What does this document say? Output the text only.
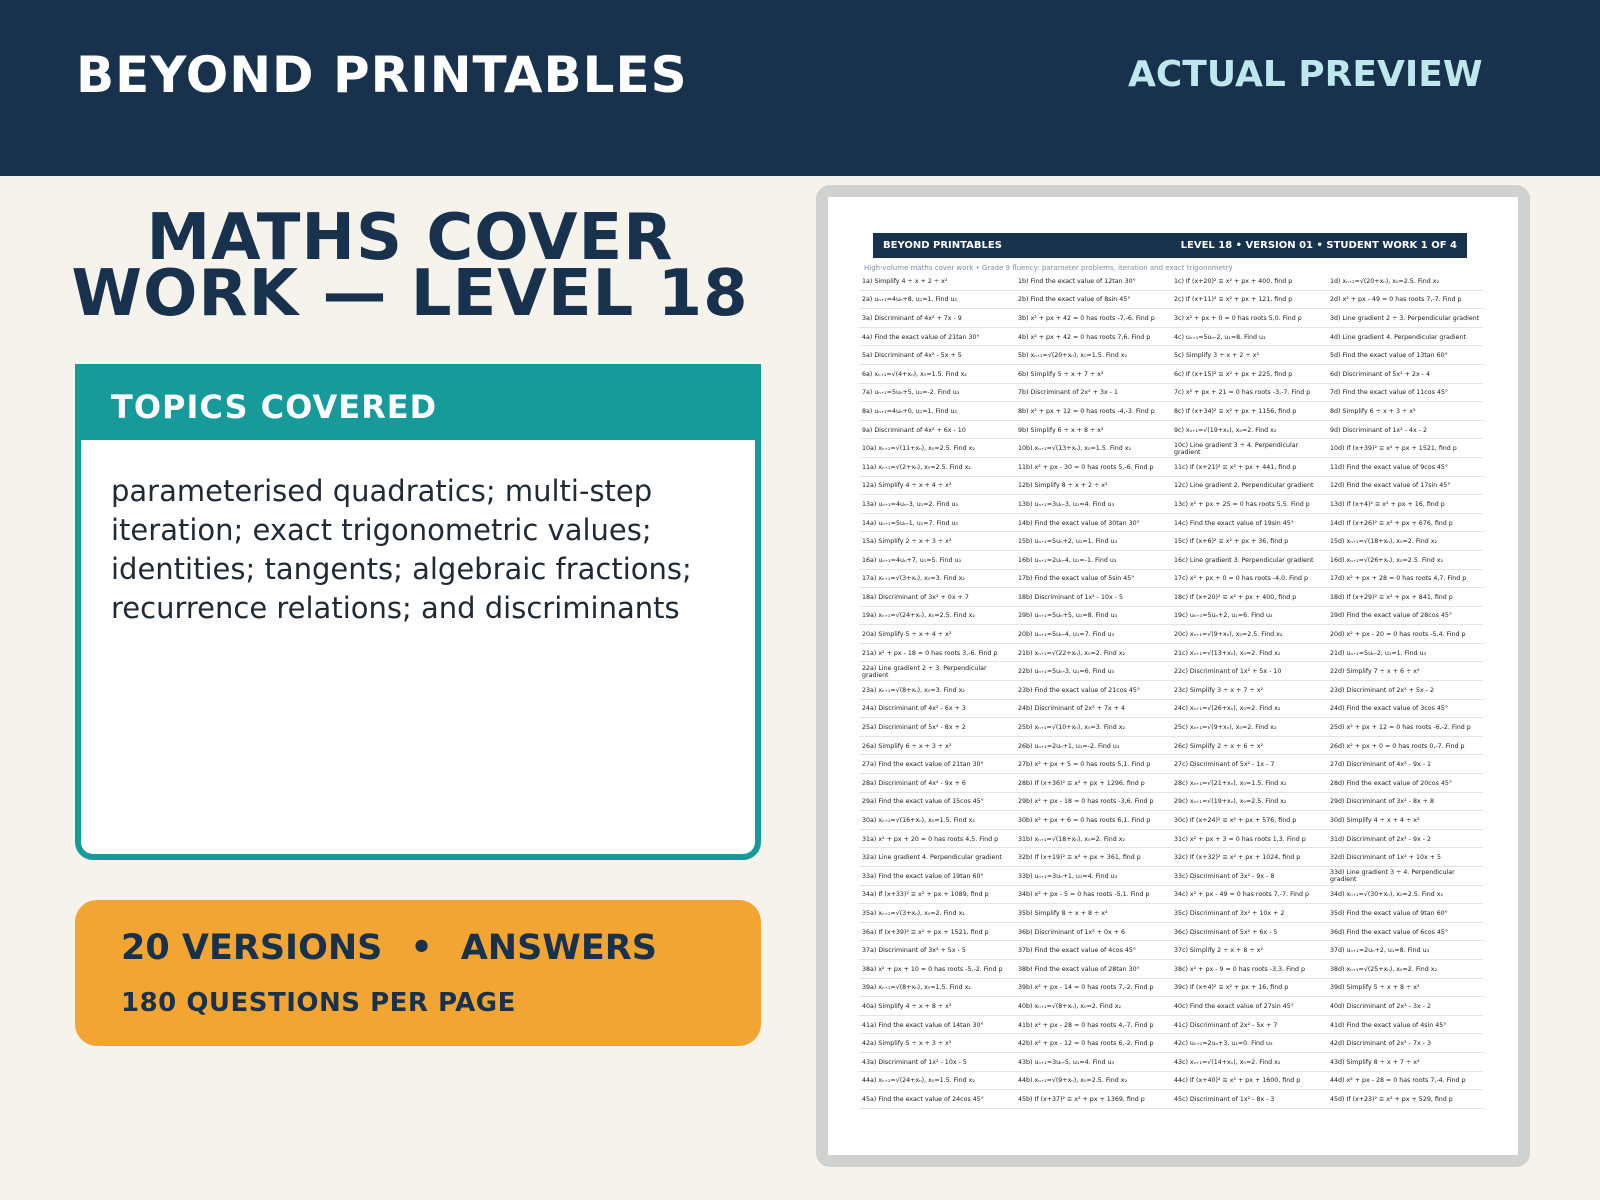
BEYOND PRINTABLES	ACTUAL PREVIEW
MATHS COVER
WORK — LEVEL 18
TOPICS COVERED
parameterised quadratics; multi-step iteration; exact trigonometric values; identities; tangents; algebraic fractions; recurrence relations; and discriminants
20 VERSIONS • ANSWERS
180 QUESTIONS PER PAGE
BEYOND PRINTABLES	LEVEL 18 • VERSION 01 • STUDENT WORK 1 OF 4
High-volume maths cover work • Grade 9 fluency: parameter problems, iteration and exact trigonometry
1a) Simplify 4 ÷ x + 2 ÷ x²	1b) Find the exact value of 12tan 30°	1c) If (x+20)² ≡ x² + px + 400, find p	1d) xₙ₊₁=√(20+xₙ), x₀=2.5. Find x₂
2a) uₙ₊₁=4uₙ+8, u₁=1. Find u₃	2b) Find the exact value of 8sin 45°	2c) If (x+11)² ≡ x² + px + 121, find p	2d) x² + px - 49 = 0 has roots 7,-7. Find p
3a) Discriminant of 4x² + 7x - 9	3b) x² + px + 42 = 0 has roots -7,-6. Find p	3c) x² + px + 0 = 0 has roots 5,0. Find p	3d) Line gradient 2 ÷ 3. Perpendicular gradient
4a) Find the exact value of 21tan 30°	4b) x² + px + 42 = 0 has roots 7,6. Find p	4c) uₙ₊₁=5uₙ-2, u₁=8. Find u₃	4d) Line gradient 4. Perpendicular gradient
5a) Discriminant of 4x² - 5x + 5	5b) xₙ₊₁=√(20+xₙ), x₀=1.5. Find x₂	5c) Simplify 3 ÷ x + 2 ÷ x²	5d) Find the exact value of 13tan 60°
6a) xₙ₊₁=√(4+xₙ), x₀=1.5. Find x₂	6b) Simplify 5 ÷ x + 7 ÷ x²	6c) If (x+15)² ≡ x² + px + 225, find p	6d) Discriminant of 5x² + 2x - 4
7a) uₙ₊₁=5uₙ+5, u₁=-2. Find u₃	7b) Discriminant of 2x² + 3x - 1	7c) x² + px + 21 = 0 has roots -3,-7. Find p	7d) Find the exact value of 11cos 45°
8a) uₙ₊₁=4uₙ+0, u₁=1. Find u₃	8b) x² + px + 12 = 0 has roots -4,-3. Find p	8c) If (x+34)² ≡ x² + px + 1156, find p	8d) Simplify 6 ÷ x + 3 ÷ x²
9a) Discriminant of 4x² + 6x - 10	9b) Simplify 6 ÷ x + 8 ÷ x²	9c) xₙ₊₁=√(19+xₙ), x₀=2. Find x₂	9d) Discriminant of 1x² - 4x - 2
10a) xₙ₊₁=√(11+xₙ), x₀=2.5. Find x₂	10b) xₙ₊₁=√(13+xₙ), x₀=1.5. Find x₂	10c) Line gradient 3 ÷ 4. Perpendicular gradient	10d) If (x+39)² ≡ x² + px + 1521, find p
11a) xₙ₊₁=√(2+xₙ), x₀=2.5. Find x₂	11b) x² + px - 30 = 0 has roots 5,-6. Find p	11c) If (x+21)² ≡ x² + px + 441, find p	11d) Find the exact value of 9cos 45°
12a) Simplify 4 ÷ x + 4 ÷ x²	12b) Simplify 8 ÷ x + 2 ÷ x²	12c) Line gradient 2. Perpendicular gradient	12d) Find the exact value of 17sin 45°
13a) uₙ₊₁=4uₙ-3, u₁=2. Find u₃	13b) uₙ₊₁=3uₙ-3, u₁=4. Find u₃	13c) x² + px + 25 = 0 has roots 5,5. Find p	13d) If (x+4)² ≡ x² + px + 16, find p
14a) uₙ₊₁=5uₙ-1, u₁=7. Find u₃	14b) Find the exact value of 30tan 30°	14c) Find the exact value of 19sin 45°	14d) If (x+26)² ≡ x² + px + 676, find p
15a) Simplify 2 ÷ x + 3 ÷ x²	15b) uₙ₊₁=5uₙ+2, u₁=1. Find u₃	15c) If (x+6)² ≡ x² + px + 36, find p	15d) xₙ₊₁=√(18+xₙ), x₀=2. Find x₂
16a) uₙ₊₁=4uₙ+7, u₁=5. Find u₃	16b) uₙ₊₁=2uₙ-4, u₁=-1. Find u₃	16c) Line gradient 3. Perpendicular gradient	16d) xₙ₊₁=√(26+xₙ), x₀=2.5. Find x₂
17a) xₙ₊₁=√(3+xₙ), x₀=3. Find x₂	17b) Find the exact value of 5sin 45°	17c) x² + px + 0 = 0 has roots -4,0. Find p	17d) x² + px + 28 = 0 has roots 4,7. Find p
18a) Discriminant of 3x² + 0x + 7	18b) Discriminant of 1x² - 10x - 5	18c) If (x+20)² ≡ x² + px + 400, find p	18d) If (x+29)² ≡ x² + px + 841, find p
19a) xₙ₊₁=√(24+xₙ), x₀=2.5. Find x₂	19b) uₙ₊₁=5uₙ+5, u₁=8. Find u₃	19c) uₙ₊₁=5uₙ+2, u₁=6. Find u₃	19d) Find the exact value of 28cos 45°
20a) Simplify 5 ÷ x + 4 ÷ x²	20b) uₙ₊₁=5uₙ-4, u₁=7. Find u₃	20c) xₙ₊₁=√(9+xₙ), x₀=2.5. Find x₂	20d) x² + px - 20 = 0 has roots -5,4. Find p
21a) x² + px - 18 = 0 has roots 3,-6. Find p	21b) xₙ₊₁=√(22+xₙ), x₀=2. Find x₂	21c) xₙ₊₁=√(13+xₙ), x₀=2. Find x₂	21d) uₙ₊₁=5uₙ-2, u₁=1. Find u₃
22a) Line gradient 2 ÷ 3. Perpendicular gradient	22b) uₙ₊₁=5uₙ-3, u₁=6. Find u₃	22c) Discriminant of 1x² + 5x - 10	22d) Simplify 7 ÷ x + 6 ÷ x²
23a) xₙ₊₁=√(8+xₙ), x₀=3. Find x₂	23b) Find the exact value of 21cos 45°	23c) Simplify 3 ÷ x + 7 ÷ x²	23d) Discriminant of 2x² + 5x - 2
24a) Discriminant of 4x² - 6x + 3	24b) Discriminant of 2x² + 7x + 4	24c) xₙ₊₁=√(26+xₙ), x₀=2. Find x₂	24d) Find the exact value of 3cos 45°
25a) Discriminant of 5x² - 8x + 2	25b) xₙ₊₁=√(10+xₙ), x₀=3. Find x₂	25c) xₙ₊₁=√(9+xₙ), x₀=2. Find x₂	25d) x² + px + 12 = 0 has roots -6,-2. Find p
26a) Simplify 6 ÷ x + 3 ÷ x²	26b) uₙ₊₁=2uₙ+1, u₁=-2. Find u₃	26c) Simplify 2 ÷ x + 6 ÷ x²	26d) x² + px + 0 = 0 has roots 0,-7. Find p
27a) Find the exact value of 21tan 30°	27b) x² + px + 5 = 0 has roots 5,1. Find p	27c) Discriminant of 5x² - 1x - 7	27d) Discriminant of 4x² - 9x - 1
28a) Discriminant of 4x² - 9x + 6	28b) If (x+36)² ≡ x² + px + 1296, find p	28c) xₙ₊₁=√(21+xₙ), x₀=1.5. Find x₂	28d) Find the exact value of 20cos 45°
29a) Find the exact value of 15cos 45°	29b) x² + px - 18 = 0 has roots -3,6. Find p	29c) xₙ₊₁=√(19+xₙ), x₀=2.5. Find x₂	29d) Discriminant of 3x² - 8x + 8
30a) xₙ₊₁=√(16+xₙ), x₀=1.5. Find x₂	30b) x² + px + 6 = 0 has roots 6,1. Find p	30c) If (x+24)² ≡ x² + px + 576, find p	30d) Simplify 4 ÷ x + 4 ÷ x²
31a) x² + px + 20 = 0 has roots 4,5. Find p	31b) xₙ₊₁=√(18+xₙ), x₀=2. Find x₂	31c) x² + px + 3 = 0 has roots 1,3. Find p	31d) Discriminant of 2x² - 9x - 2
32a) Line gradient 4. Perpendicular gradient	32b) If (x+19)² ≡ x² + px + 361, find p	32c) If (x+32)² ≡ x² + px + 1024, find p	32d) Discriminant of 1x² + 10x + 5
33a) Find the exact value of 19tan 60°	33b) uₙ₊₁=3uₙ+1, u₁=4. Find u₃	33c) Discriminant of 3x² - 9x - 8	33d) Line gradient 3 ÷ 4. Perpendicular gradient
34a) If (x+33)² ≡ x² + px + 1089, find p	34b) x² + px - 5 = 0 has roots -5,1. Find p	34c) x² + px - 49 = 0 has roots 7,-7. Find p	34d) xₙ₊₁=√(30+xₙ), x₀=2.5. Find x₂
35a) xₙ₊₁=√(3+xₙ), x₀=2. Find x₂	35b) Simplify 8 ÷ x + 8 ÷ x²	35c) Discriminant of 3x² + 10x + 2	35d) Find the exact value of 9tan 60°
36a) If (x+39)² ≡ x² + px + 1521, find p	36b) Discriminant of 1x² + 0x + 6	36c) Discriminant of 5x² + 6x - 5	36d) Find the exact value of 6cos 45°
37a) Discriminant of 3x² + 5x - 5	37b) Find the exact value of 4cos 45°	37c) Simplify 2 ÷ x + 8 ÷ x²	37d) uₙ₊₁=2uₙ+2, u₁=8. Find u₃
38a) x² + px + 10 = 0 has roots -5,-2. Find p	38b) Find the exact value of 28tan 30°	38c) x² + px - 9 = 0 has roots -3,3. Find p	38d) xₙ₊₁=√(25+xₙ), x₀=2. Find x₂
39a) xₙ₊₁=√(8+xₙ), x₀=1.5. Find x₂	39b) x² + px - 14 = 0 has roots 7,-2. Find p	39c) If (x+4)² ≡ x² + px + 16, find p	39d) Simplify 5 ÷ x + 8 ÷ x²
40a) Simplify 4 ÷ x + 8 ÷ x²	40b) xₙ₊₁=√(8+xₙ), x₀=2. Find x₂	40c) Find the exact value of 27sin 45°	40d) Discriminant of 2x² - 3x - 2
41a) Find the exact value of 14tan 30°	41b) x² + px - 28 = 0 has roots 4,-7. Find p	41c) Discriminant of 2x² - 5x + 7	41d) Find the exact value of 4sin 45°
42a) Simplify 5 ÷ x + 3 ÷ x²	42b) x² + px - 12 = 0 has roots 6,-2. Find p	42c) uₙ₊₁=2uₙ+3, u₁=0. Find u₃	42d) Discriminant of 2x² - 7x - 3
43a) Discriminant of 1x² - 10x - 5	43b) uₙ₊₁=3uₙ-5, u₁=4. Find u₃	43c) xₙ₊₁=√(14+xₙ), x₀=2. Find x₂	43d) Simplify 8 ÷ x + 7 ÷ x²
44a) xₙ₊₁=√(24+xₙ), x₀=1.5. Find x₂	44b) xₙ₊₁=√(9+xₙ), x₀=2.5. Find x₂	44c) If (x+40)² ≡ x² + px + 1600, find p	44d) x² + px - 28 = 0 has roots 7,-4. Find p
45a) Find the exact value of 24cos 45°	45b) If (x+37)² ≡ x² + px + 1369, find p	45c) Discriminant of 1x² - 8x - 3	45d) If (x+23)² ≡ x² + px + 529, find p
